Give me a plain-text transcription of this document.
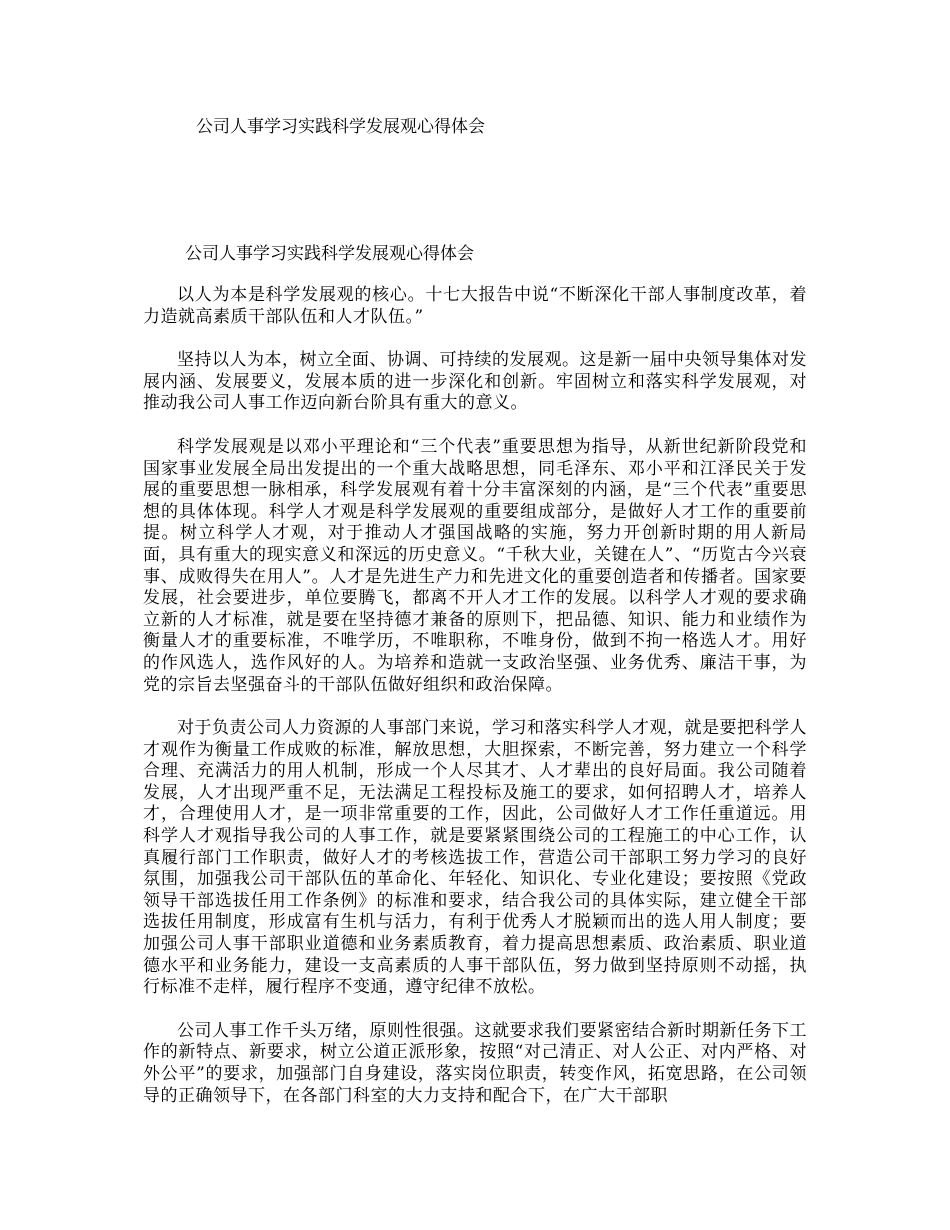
公司人事学习实践科学发展观心得体会
公司人事学习实践科学发展观心得体会

以人为本是科学发展观的核心。十七大报告中说“不断深化干部人事制度改革，着力造就高素质干部队伍和人才队伍。”

坚持以人为本，树立全面、协调、可持续的发展观。这是新一届中央领导集体对发展内涵、发展要义，发展本质的进一步深化和创新。牢固树立和落实科学发展观，对推动我公司人事工作迈向新台阶具有重大的意义。

科学发展观是以邓小平理论和“三个代表”重要思想为指导，从新世纪新阶段党和国家事业发展全局出发提出的一个重大战略思想，同毛泽东、邓小平和江泽民关于发展的重要思想一脉相承，科学发展观有着十分丰富深刻的内涵，是“三个代表”重要思想的具体体现。科学人才观是科学发展观的重要组成部分，是做好人才工作的重要前提。树立科学人才观，对于推动人才强国战略的实施，努力开创新时期的用人新局面，具有重大的现实意义和深远的历史意义。“千秋大业，关键在人”、“历览古今兴衰事、成败得失在用人”。人才是先进生产力和先进文化的重要创造者和传播者。国家要发展，社会要进步，单位要腾飞，都离不开人才工作的发展。以科学人才观的要求确立新的人才标准，就是要在坚持德才兼备的原则下，把品德、知识、能力和业绩作为衡量人才的重要标准，不唯学历，不唯职称，不唯身份，做到不拘一格选人才。用好的作风选人，选作风好的人。为培养和造就一支政治坚强、业务优秀、廉洁干事，为党的宗旨去坚强奋斗的干部队伍做好组织和政治保障。

对于负责公司人力资源的人事部门来说，学习和落实科学人才观，就是要把科学人才观作为衡量工作成败的标准，解放思想，大胆探索，不断完善，努力建立一个科学合理、充满活力的用人机制，形成一个人尽其才、人才辈出的良好局面。我公司随着发展，人才出现严重不足，无法满足工程投标及施工的要求，如何招聘人才，培养人才，合理使用人才，是一项非常重要的工作，因此，公司做好人才工作任重道远。用科学人才观指导我公司的人事工作，就是要紧紧围绕公司的工程施工的中心工作，认真履行部门工作职责，做好人才的考核选拔工作，营造公司干部职工努力学习的良好氛围，加强我公司干部队伍的革命化、年轻化、知识化、专业化建设；要按照《党政领导干部选拔任用工作条例》的标准和要求，结合我公司的具体实际，建立健全干部选拔任用制度，形成富有生机与活力，有利于优秀人才脱颖而出的选人用人制度；要加强公司人事干部职业道德和业务素质教育，着力提高思想素质、政治素质、职业道德水平和业务能力，建设一支高素质的人事干部队伍，努力做到坚持原则不动摇，执行标准不走样，履行程序不变通，遵守纪律不放松。

公司人事工作千头万绪，原则性很强。这就要求我们要紧密结合新时期新任务下工作的新特点、新要求，树立公道正派形象，按照“对己清正、对人公正、对内严格、对外公平”的要求，加强部门自身建设，落实岗位职责，转变作风，拓宽思路，在公司领导的正确领导下，在各部门科室的大力支持和配合下，在广大干部职
